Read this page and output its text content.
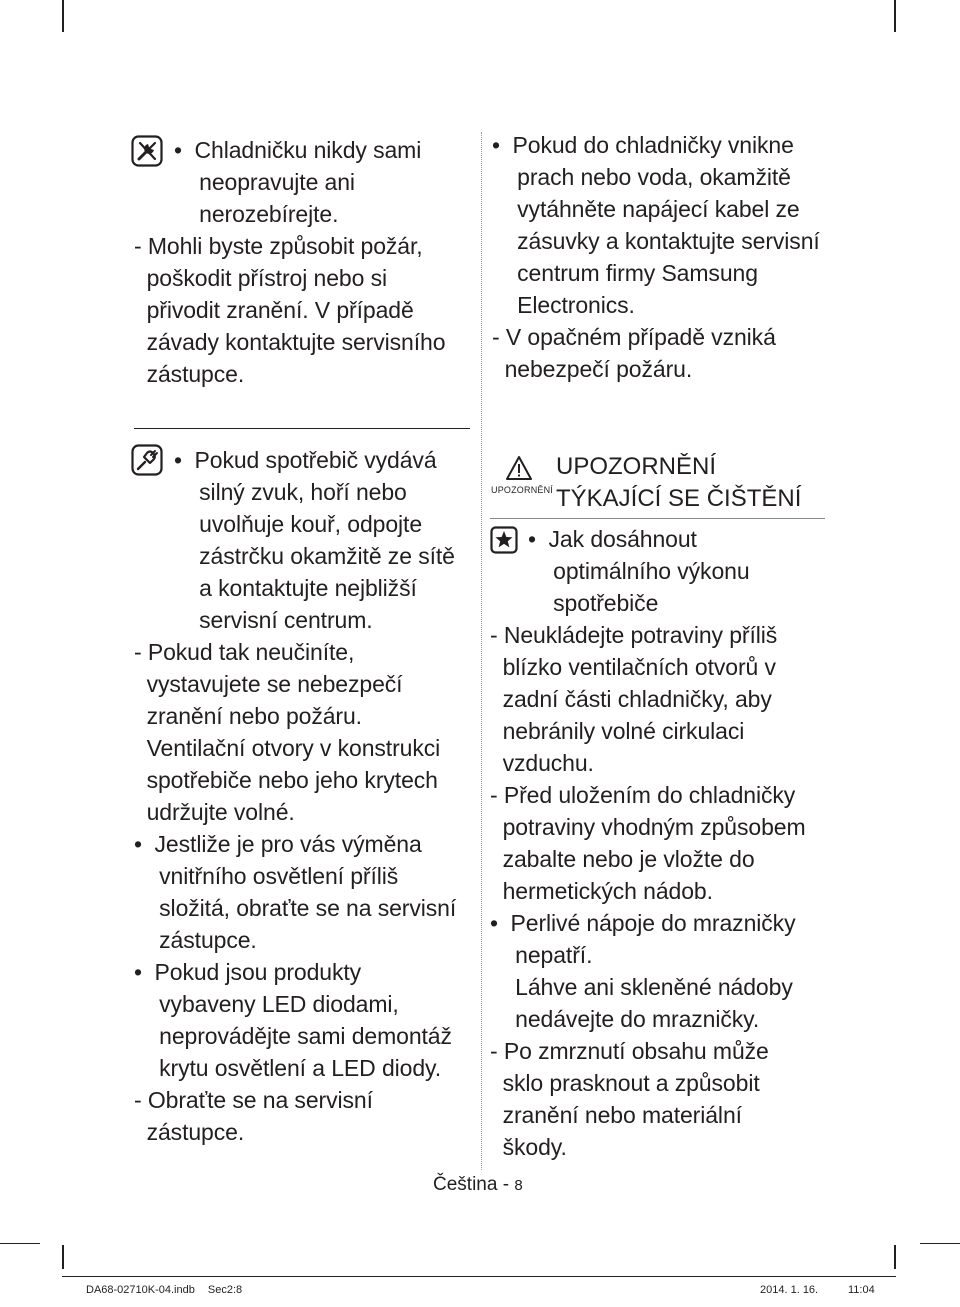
•  Chladničku nikdy sami
neopravujte ani
nerozebírejte.
- Mohli byste způsobit požár,
poškodit přístroj nebo si
přivodit zranění. V případě
závady kontaktujte servisního
zástupce.
•  Pokud do chladničky vnikne
prach nebo voda, okamžitě
vytáhněte napájecí kabel ze
zásuvky a kontaktujte servisní
centrum firmy Samsung
Electronics.
- V opačném případě vzniká
nebezpečí požáru.
•  Pokud spotřebič vydává
silný zvuk, hoří nebo
uvolňuje kouř, odpojte
zástrčku okamžitě ze sítě
a kontaktujte nejbližší
servisní centrum.
- Pokud tak neučiníte,
vystavujete se nebezpečí
zranění nebo požáru.
Ventilační otvory v konstrukci
spotřebiče nebo jeho krytech
udržujte volné.
•  Jestliže je pro vás výměna
vnitřního osvětlení příliš
složitá, obraťte se na servisní
zástupce.
•  Pokud jsou produkty
vybaveny LED diodami,
neprovádějte sami demontáž
krytu osvětlení a LED diody.
- Obraťte se na servisní
zástupce.
UPOZORNĚNÍ
UPOZORNĚNÍ
TÝKAJÍCÍ SE ČIŠTĚNÍ
•  Jak dosáhnout
optimálního výkonu
spotřebiče
- Neukládejte potraviny příliš
blízko ventilačních otvorů v
zadní části chladničky, aby
nebránily volné cirkulaci
vzduchu.
- Před uložením do chladničky
potraviny vhodným způsobem
zabalte nebo je vložte do
hermetických nádob.
•  Perlivé nápoje do mrazničky
nepatří.
Láhve ani skleněné nádoby
nedávejte do mrazničky.
- Po zmrznutí obsahu může
sklo prasknout a způsobit
zranění nebo materiální
škody.
Čeština - 8
DA68-02710K-04.indb Sec2:8	2014. 1. 16.	11:04
